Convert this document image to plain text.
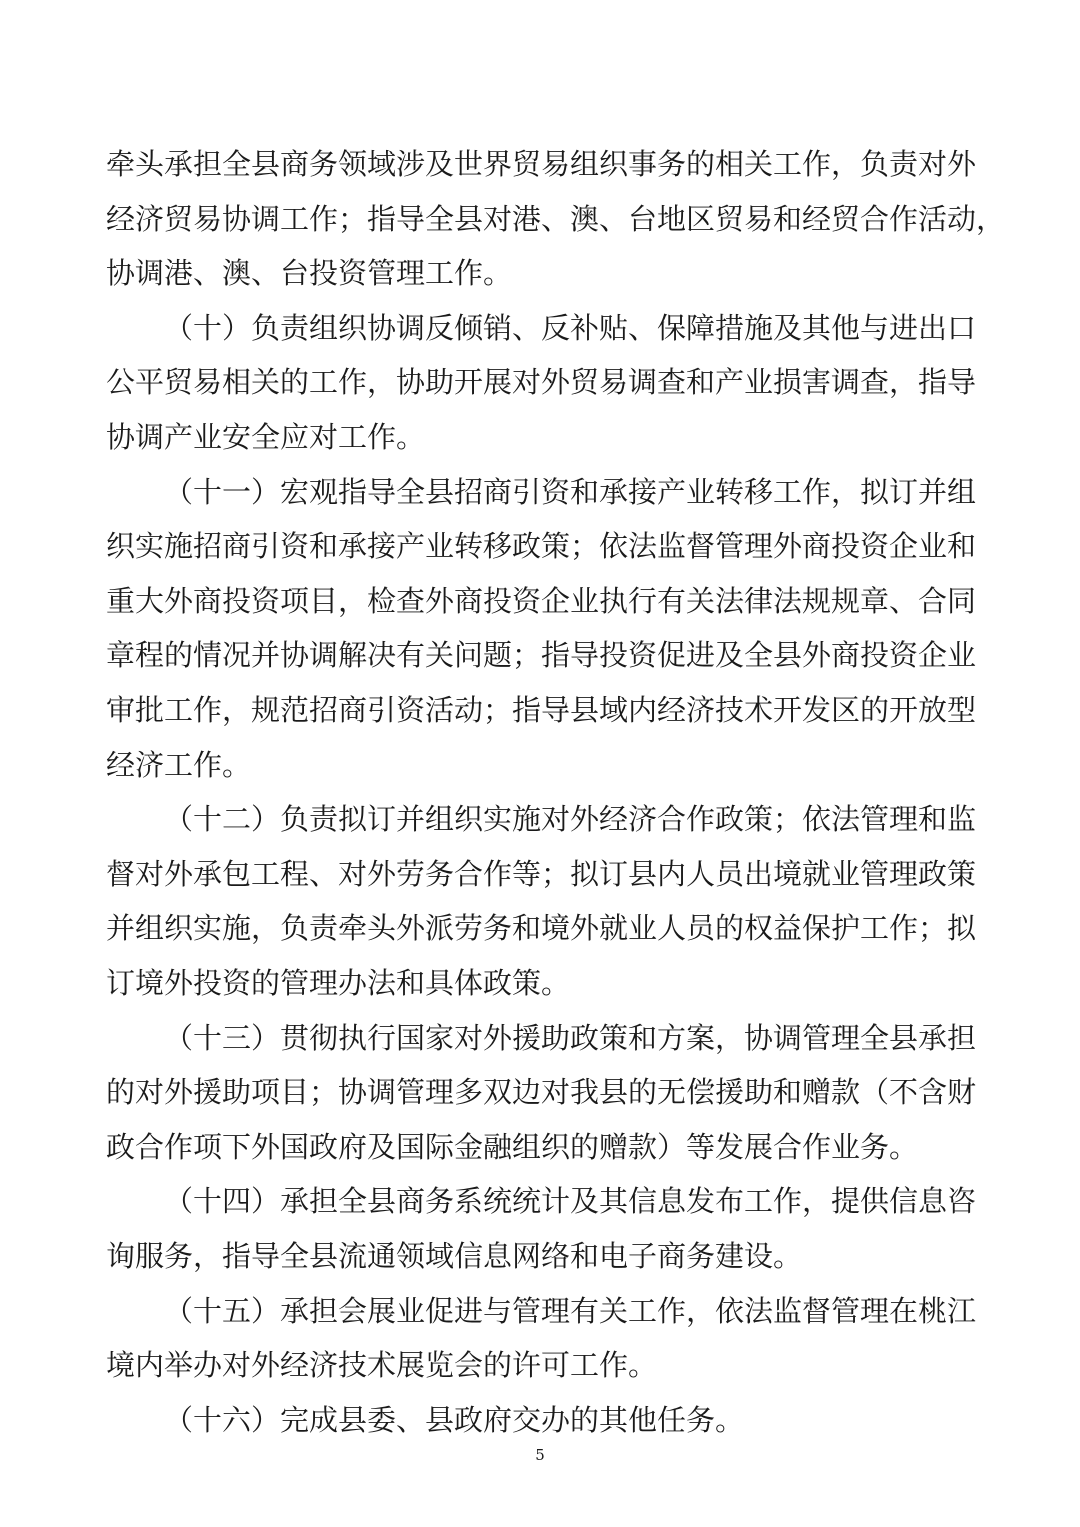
牵头承担全县商务领域涉及世界贸易组织事务的相关工作，负责对外
经济贸易协调工作；指导全县对港、澳、台地区贸易和经贸合作活动，
协调港、澳、台投资管理工作。
（十）负责组织协调反倾销、反补贴、保障措施及其他与进出口
公平贸易相关的工作，协助开展对外贸易调查和产业损害调查，指导
协调产业安全应对工作。
（十一）宏观指导全县招商引资和承接产业转移工作，拟订并组
织实施招商引资和承接产业转移政策；依法监督管理外商投资企业和
重大外商投资项目，检查外商投资企业执行有关法律法规规章、合同
章程的情况并协调解决有关问题；指导投资促进及全县外商投资企业
审批工作，规范招商引资活动；指导县域内经济技术开发区的开放型
经济工作。
（十二）负责拟订并组织实施对外经济合作政策；依法管理和监
督对外承包工程、对外劳务合作等；拟订县内人员出境就业管理政策
并组织实施，负责牵头外派劳务和境外就业人员的权益保护工作；拟
订境外投资的管理办法和具体政策。
（十三）贯彻执行国家对外援助政策和方案，协调管理全县承担
的对外援助项目；协调管理多双边对我县的无偿援助和赠款（不含财
政合作项下外国政府及国际金融组织的赠款）等发展合作业务。
（十四）承担全县商务系统统计及其信息发布工作，提供信息咨
询服务，指导全县流通领域信息网络和电子商务建设。
（十五）承担会展业促进与管理有关工作，依法监督管理在桃江
境内举办对外经济技术展览会的许可工作。
（十六）完成县委、县政府交办的其他任务。
5
